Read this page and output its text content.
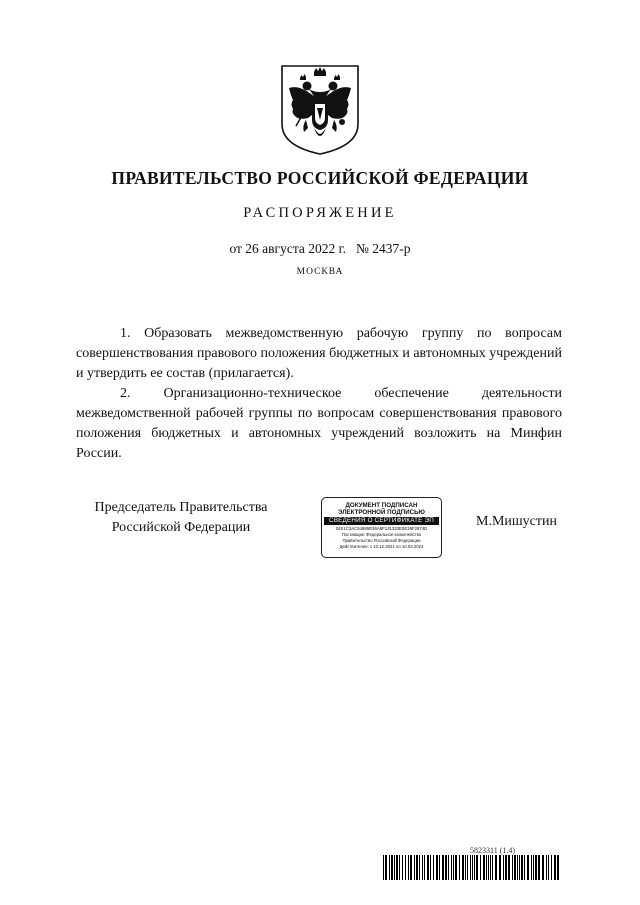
ПРАВИТЕЛЬСТВО РОССИЙСКОЙ ФЕДЕРАЦИИ
РАСПОРЯЖЕНИЕ
от 26 августа 2022 г. № 2437-р
МОСКВА

1. Образовать межведомственную рабочую группу по вопросам совершенствования правового положения бюджетных и автономных учреждений и утвердить ее состав (прилагается).

2. Организационно-техническое обеспечение деятельности межведомственной рабочей группы по вопросам совершенствования правового положения бюджетных и автономных учреждений возложить на Минфин России.

Председатель Правительства
Российской Федерации
ДОКУМЕНТ ПОДПИСАН
ЭЛЕКТРОННОЙ ПОДПИСЬЮ
СВЕДЕНИЯ О СЕРТИФИКАТЕ ЭП
04E1C3AC54689E36A8F131333E0E39F2974D
Поставщик: Федеральное казначейство
Правительство Российской Федерации
Действителен: с 10.12.2021 по 10.03.2023
М.Мишустин
5823311 (1.4)
